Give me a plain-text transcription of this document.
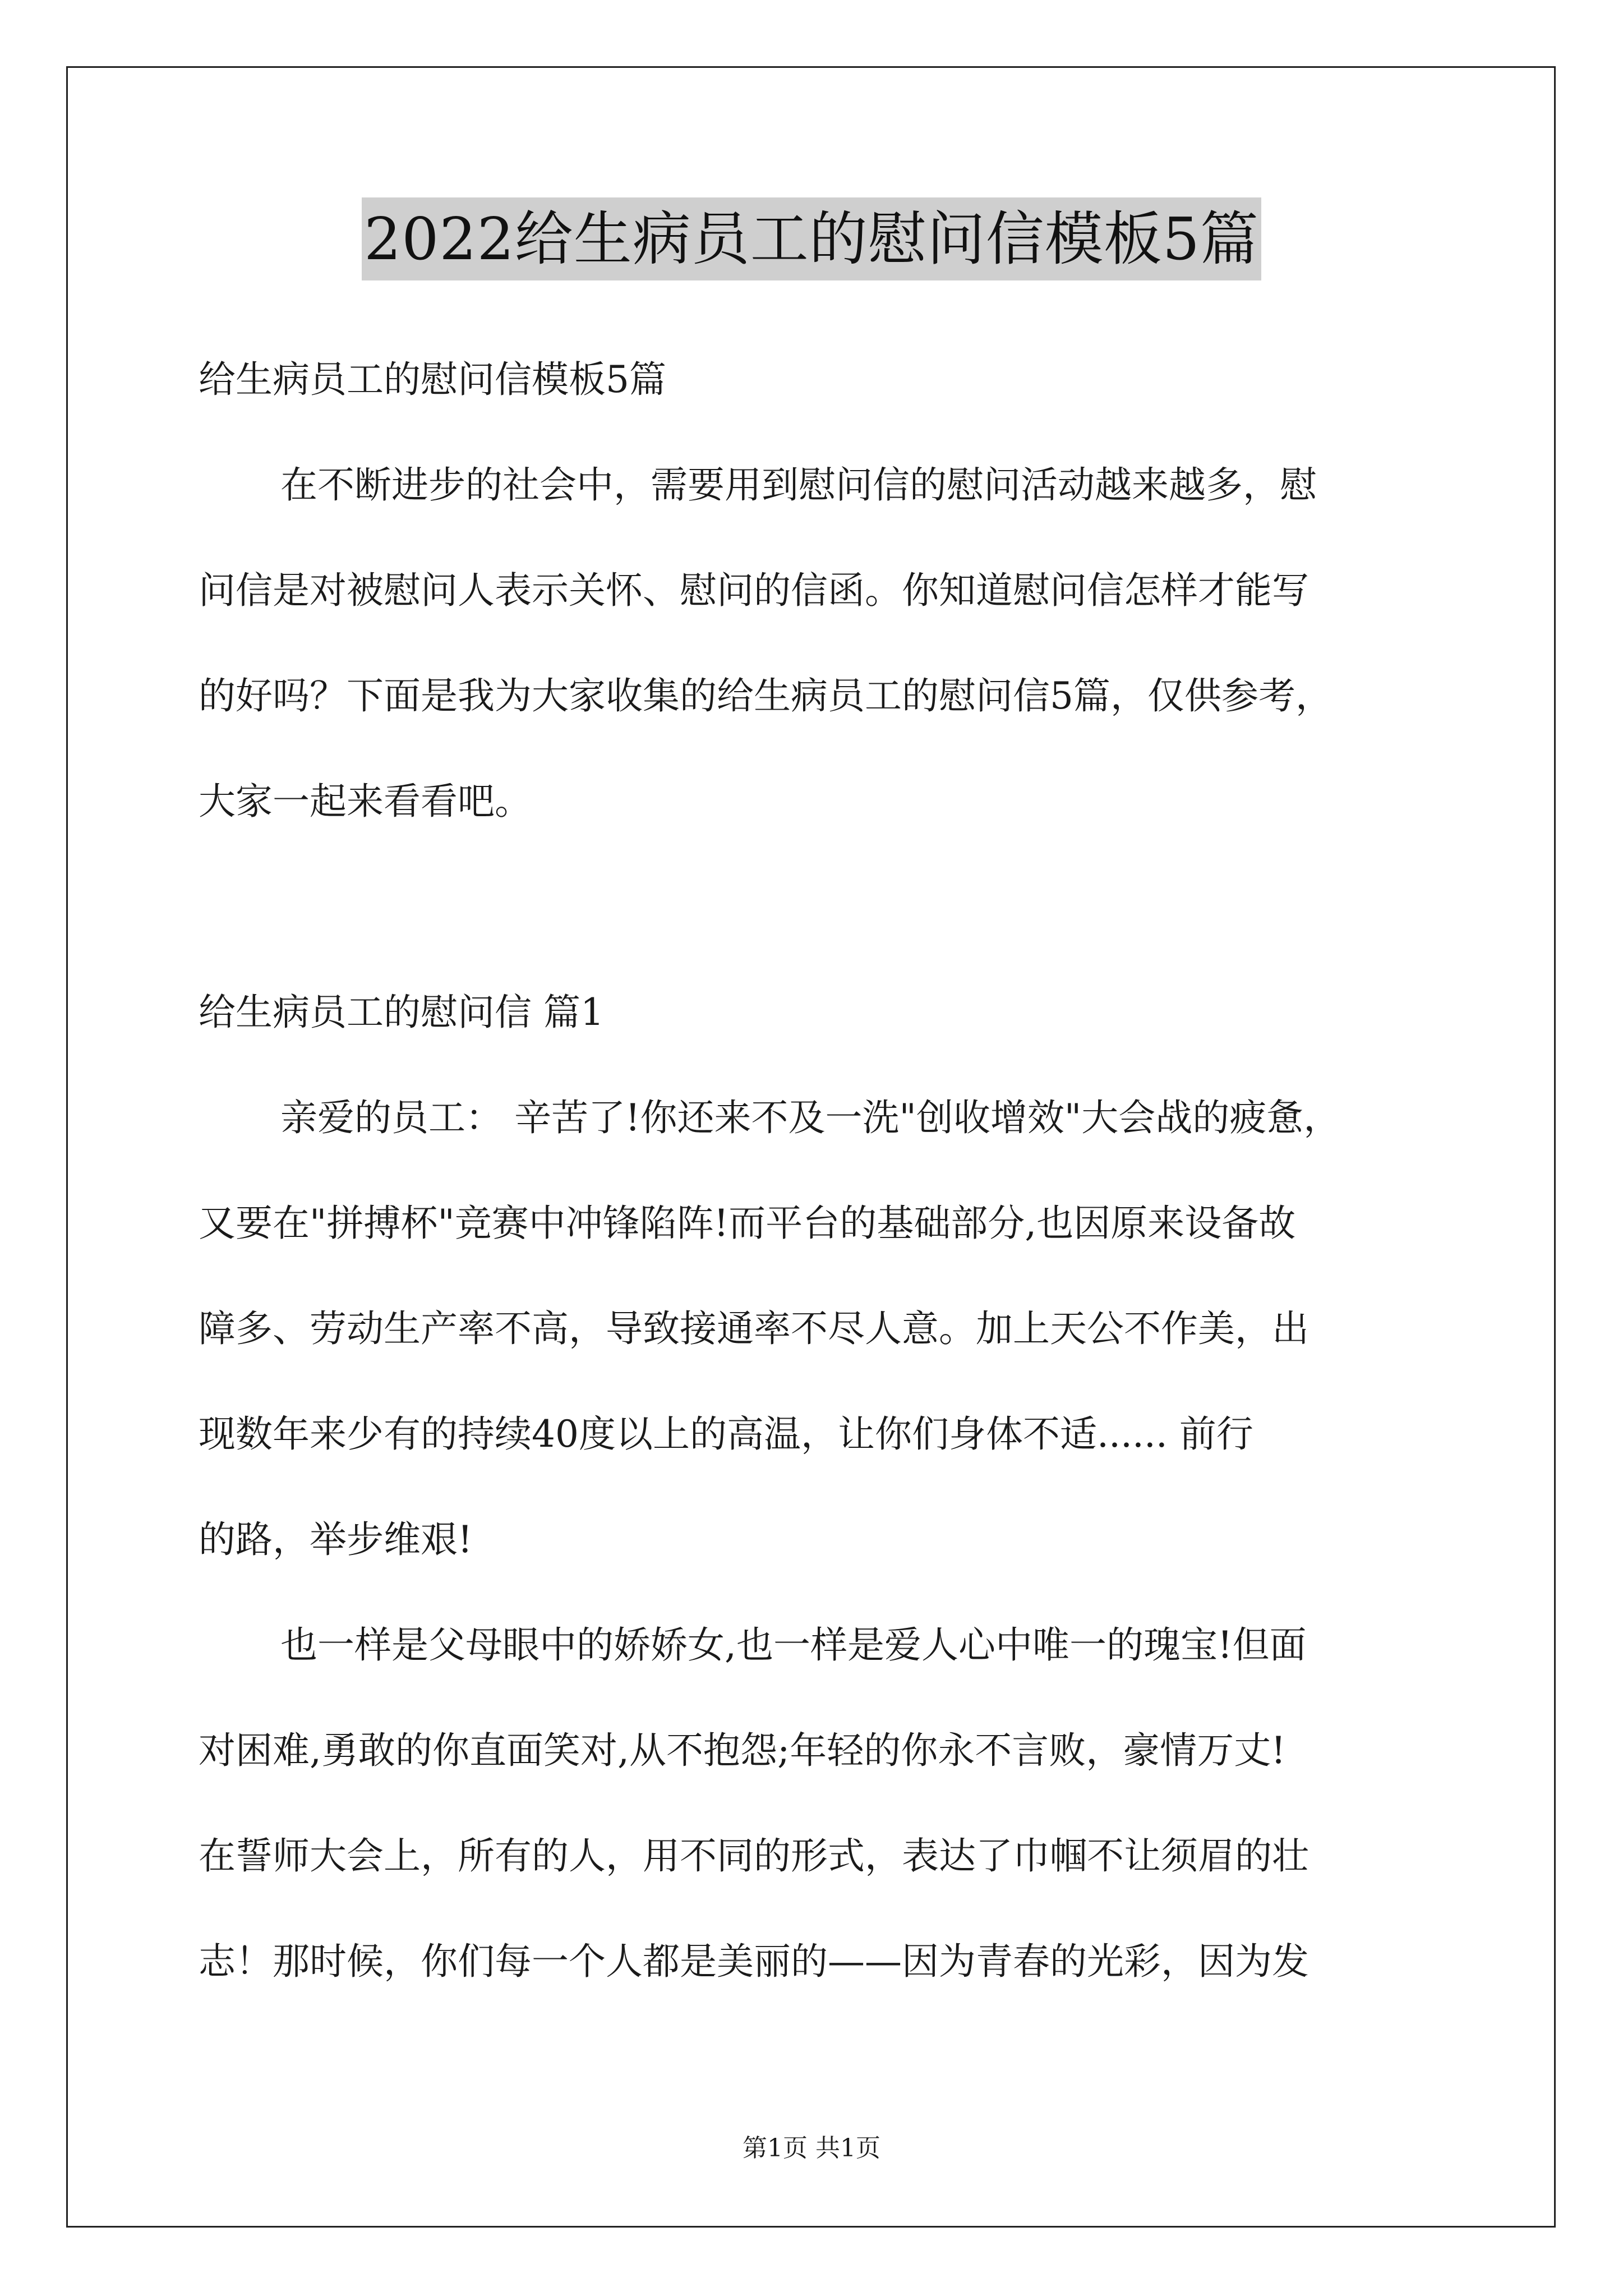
2022给生病员工的慰问信模板5篇
给生病员工的慰问信模板5篇
在不断进步的社会中，需要用到慰问信的慰问活动越来越多，慰
问信是对被慰问人表示关怀、慰问的信函。你知道慰问信怎样才能写
的好吗？下面是我为大家收集的给生病员工的慰问信5篇，仅供参考，
大家一起来看看吧。
给生病员工的慰问信 篇1
亲爱的员工： 辛苦了!你还来不及一洗"创收增效"大会战的疲惫，
又要在"拼搏杯"竞赛中冲锋陷阵!而平台的基础部分,也因原来设备故
障多、劳动生产率不高，导致接通率不尽人意。加上天公不作美，出
现数年来少有的持续40度以上的高温，让你们身体不适...... 前行
的路，举步维艰!
也一样是父母眼中的娇娇女,也一样是爱人心中唯一的瑰宝!但面
对困难,勇敢的你直面笑对,从不抱怨;年轻的你永不言败，豪情万丈!
在誓师大会上，所有的人，用不同的形式，表达了巾帼不让须眉的壮
志！那时候，你们每一个人都是美丽的——因为青春的光彩，因为发
第1页 共1页
